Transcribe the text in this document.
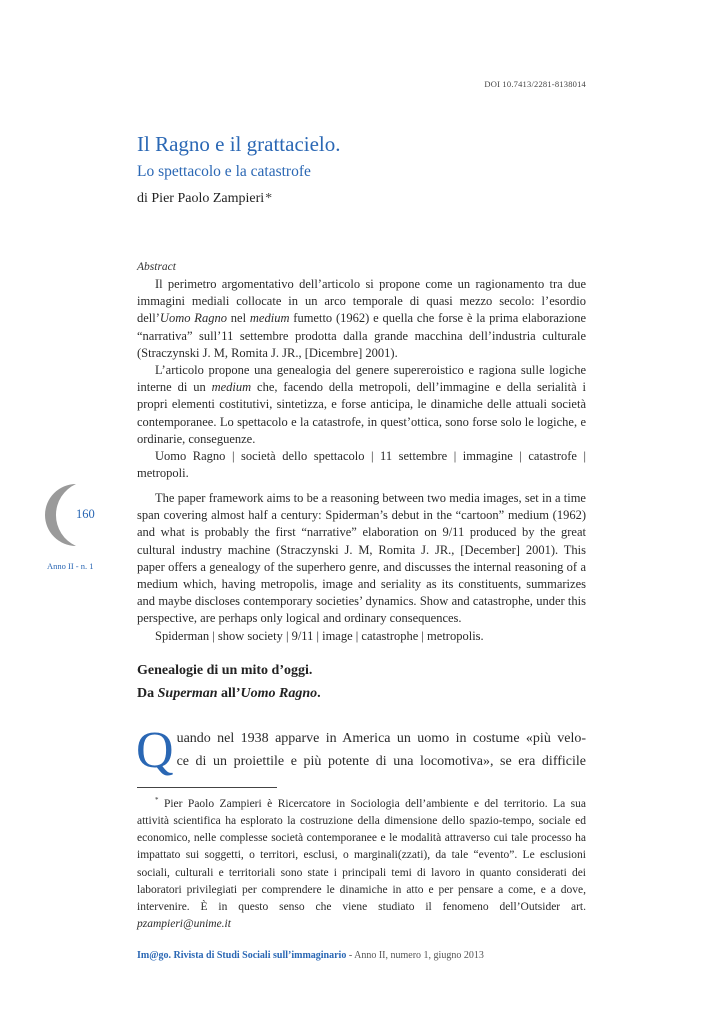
DOI 10.7413/2281-8138014
Il Ragno e il grattacielo.
Lo spettacolo e la catastrofe
di Pier Paolo Zampieri*
Abstract

Il perimetro argomentativo dell’articolo si propone come un ragionamento tra due immagini mediali collocate in un arco temporale di quasi mezzo secolo: l’esordio dell’Uomo Ragno nel medium fumetto (1962) e quella che forse è la prima elaborazione “narrativa” sull’11 settembre prodotta dalla grande macchina dell’industria culturale (Straczynski J. M, Romita J. JR., [Dicembre] 2001).

L’articolo propone una genealogia del genere supereroistico e ragiona sulle logiche interne di un medium che, facendo della metropoli, dell’immagine e della serialità i propri elementi costitutivi, sintetizza, e forse anticipa, le dinamiche delle attuali società contemporanee. Lo spettacolo e la catastrofe, in quest’ottica, sono forse solo le logiche, e ordinarie, conseguenze.

Uomo Ragno | società dello spettacolo | 11 settembre | immagine | catastrofe | metropoli.

160
Anno II - n. 1

The paper framework aims to be a reasoning between two media images, set in a time span covering almost half a century: Spiderman’s debut in the “cartoon” medium (1962) and what is probably the first “narrative” elaboration on 9/11 produced by the great cultural industry machine (Straczynski J. M, Romita J. JR., [December] 2001). This paper offers a genealogy of the superhero genre, and discusses the internal reasoning of a medium which, having metropolis, image and seriality as its constituents, summarizes and maybe discloses contemporary societies’ dynamics. Show and catastrophe, under this perspective, are perhaps only logical and ordinary consequences.

Spiderman | show society | 9/11 | image | catastrophe | metropolis.

Genealogie di un mito d’oggi.
Da Superman all’Uomo Ragno.
Q uando nel 1938 apparve in America un uomo in costume «più velo-

ce di un proiettile e più potente di una locomotiva», se era difficile

* Pier Paolo Zampieri è Ricercatore in Sociologia dell’ambiente e del territorio. La sua attività scientifica ha esplorato la costruzione della dimensione dello spazio-tempo, sociale ed economico, nelle complesse società contemporanee e le modalità attraverso cui tale processo ha impattato sui soggetti, o territori, esclusi, o marginali(zzati), da tale “evento”. Le esclusioni sociali, culturali e territoriali sono state i principali temi di lavoro in quanto considerati dei laboratori privilegiati per comprendere le dinamiche in atto e per pensare a come, e a dove, intervenire. È in questo senso che viene studiato il fenomeno dell’Outsider art. pzampieri@unime.it

Im@go. Rivista di Studi Sociali sull’immaginario - Anno II, numero 1, giugno 2013
